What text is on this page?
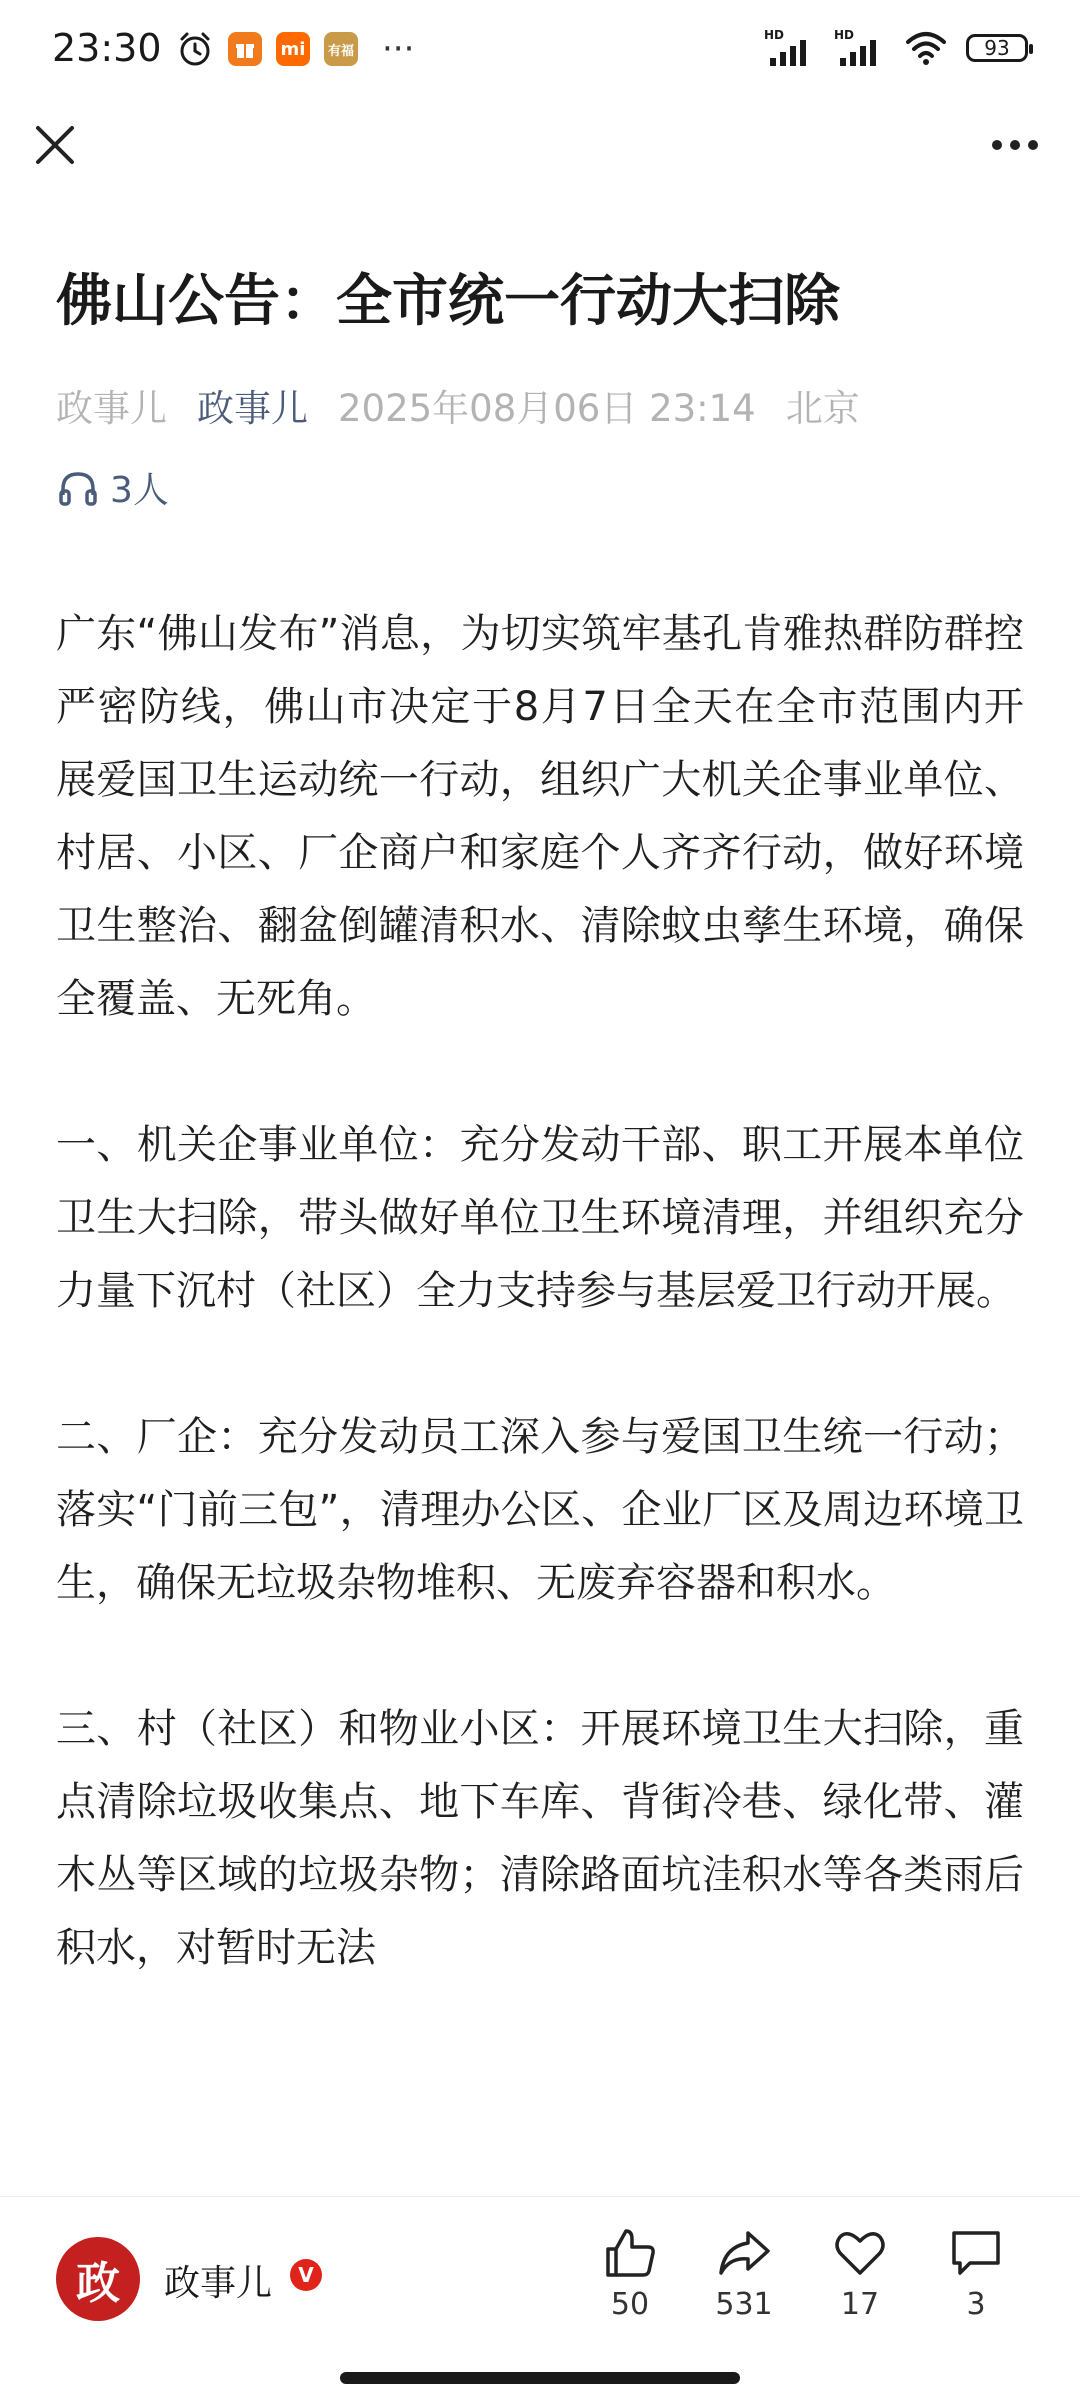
23:30	mi	有福 ···	HD	HD
93
佛山公告：全市统一行动大扫除
政事儿 政事儿 2025年08月06日 23:14 北京
3人

广东“佛山发布”消息，为切实筑牢基孔肯雅热群防群控严密防线，佛山市决定于8月7日全天在全市范围内开展爱国卫生运动统一行动，组织广大机关企事业单位、村居、小区、厂企商户和家庭个人齐齐行动，做好环境卫生整治、翻盆倒罐清积水、清除蚊虫孳生环境，确保全覆盖、无死角。

一、机关企事业单位：充分发动干部、职工开展本单位卫生大扫除，带头做好单位卫生环境清理，并组织充分力量下沉村（社区）全力支持参与基层爱卫行动开展。

二、厂企：充分发动员工深入参与爱国卫生统一行动；落实“门前三包”，清理办公区、企业厂区及周边环境卫生，确保无垃圾杂物堆积、无废弃容器和积水。

三、村（社区）和物业小区：开展环境卫生大扫除，重点清除垃圾收集点、地下车库、背街冷巷、绿化带、灌木丛等区域的垃圾杂物；清除路面坑洼积水等各类雨后积水，对暂时无法

政 政事儿	V
50	531	17	3
